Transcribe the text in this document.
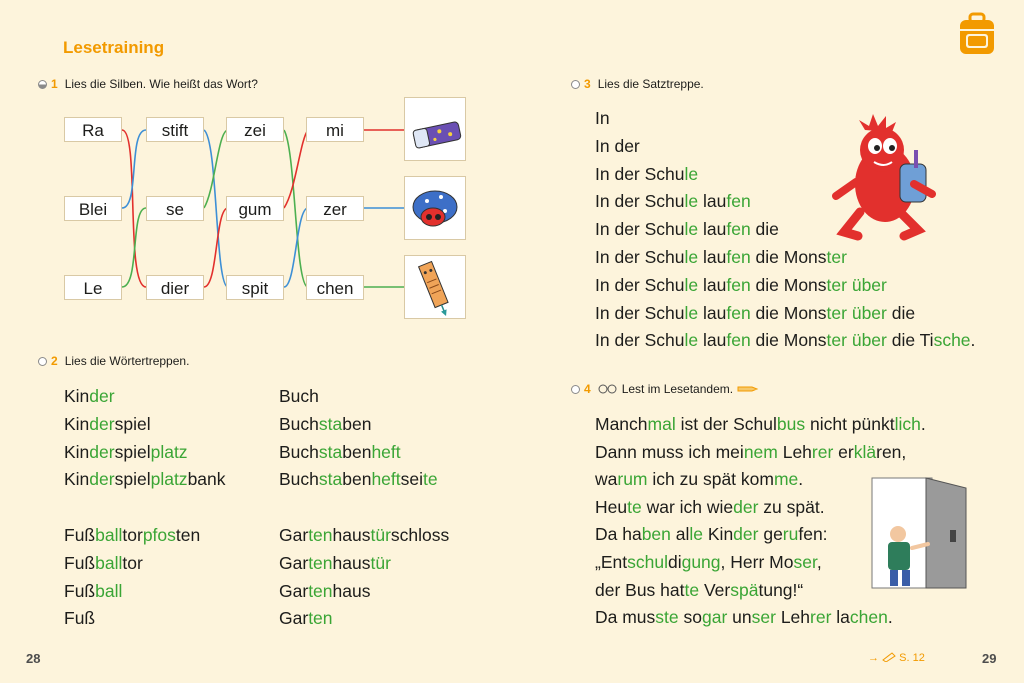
Lesetraining
1 Lies die Silben. Wie heißt das Wort?
Ra
Blei
Le
stift
se
dier
zei
gum
spit
mi
zer
chen
2 Lies die Wörtertreppen.
Kinder
Kinderspiel
Kinderspielplatz
Kinderspielplatzbank
Fußballtorpfosten
Fußballtor
Fußball
Fuß
Buch
Buchstaben
Buchstabenheft
Buchstabenheftseite
Gartenhaustürschloss
Gartenhaustür
Gartenhaus
Garten
28
3 Lies die Satztreppe.
In
In der
In der Schule
In der Schule laufen
In der Schule laufen die
In der Schule laufen die Monster
In der Schule laufen die Monster über
In der Schule laufen die Monster über die
In der Schule laufen die Monster über die Tische.
4	Lest im Lesetandem.
Manchmal ist der Schulbus nicht pünktlich.
Dann muss ich meinem Lehrer erklären,
warum ich zu spät komme.
Heute war ich wieder zu spät.
Da haben alle Kinder gerufen:
„Entschuldigung, Herr Moser,
der Bus hatte Verspätung!“
Da musste sogar unser Lehrer lachen.
→ S. 12	29
